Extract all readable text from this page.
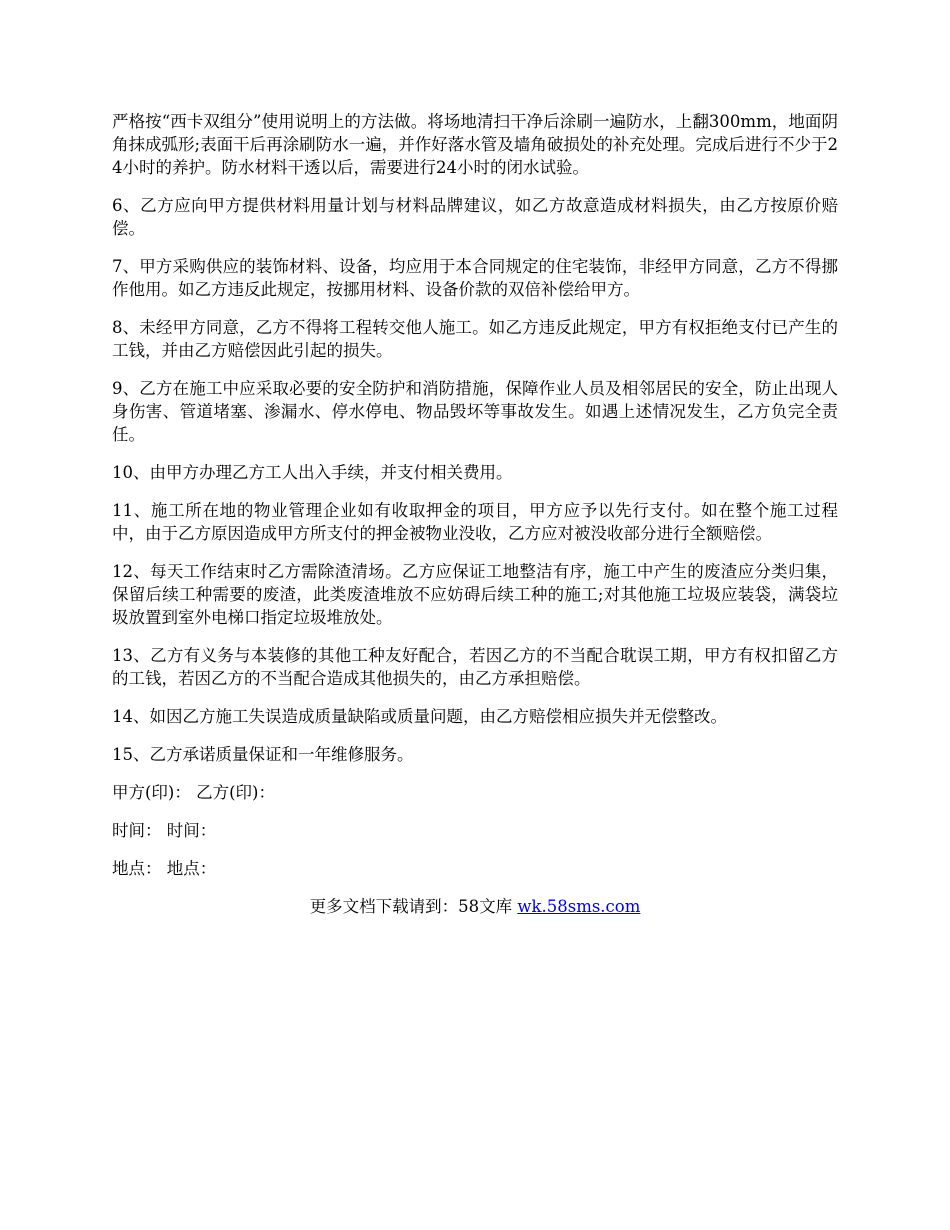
严格按“西卡双组分”使用说明上的方法做。将场地清扫干净后涂刷一遍防水，上翻300mm，地面阴角抹成弧形;表面干后再涂刷防水一遍，并作好落水管及墙角破损处的补充处理。完成后进行不少于24小时的养护。防水材料干透以后，需要进行24小时的闭水试验。

6、乙方应向甲方提供材料用量计划与材料品牌建议，如乙方故意造成材料损失，由乙方按原价赔偿。

7、甲方采购供应的装饰材料、设备，均应用于本合同规定的住宅装饰，非经甲方同意，乙方不得挪作他用。如乙方违反此规定，按挪用材料、设备价款的双倍补偿给甲方。

8、未经甲方同意，乙方不得将工程转交他人施工。如乙方违反此规定，甲方有权拒绝支付已产生的工钱，并由乙方赔偿因此引起的损失。

9、乙方在施工中应采取必要的安全防护和消防措施，保障作业人员及相邻居民的安全，防止出现人身伤害、管道堵塞、渗漏水、停水停电、物品毁坏等事故发生。如遇上述情况发生，乙方负完全责任。

10、由甲方办理乙方工人出入手续，并支付相关费用。

11、施工所在地的物业管理企业如有收取押金的项目，甲方应予以先行支付。如在整个施工过程中，由于乙方原因造成甲方所支付的押金被物业没收，乙方应对被没收部分进行全额赔偿。

12、每天工作结束时乙方需除渣清场。乙方应保证工地整洁有序，施工中产生的废渣应分类归集，保留后续工种需要的废渣，此类废渣堆放不应妨碍后续工种的施工;对其他施工垃圾应装袋，满袋垃圾放置到室外电梯口指定垃圾堆放处。

13、乙方有义务与本装修的其他工种友好配合，若因乙方的不当配合耽误工期，甲方有权扣留乙方的工钱，若因乙方的不当配合造成其他损失的，由乙方承担赔偿。

14、如因乙方施工失误造成质量缺陷或质量问题，由乙方赔偿相应损失并无偿整改。

15、乙方承诺质量保证和一年维修服务。

甲方(印)： 乙方(印)：

时间： 时间：

地点： 地点：

更多文档下载请到：58文库 wk.58sms.com
